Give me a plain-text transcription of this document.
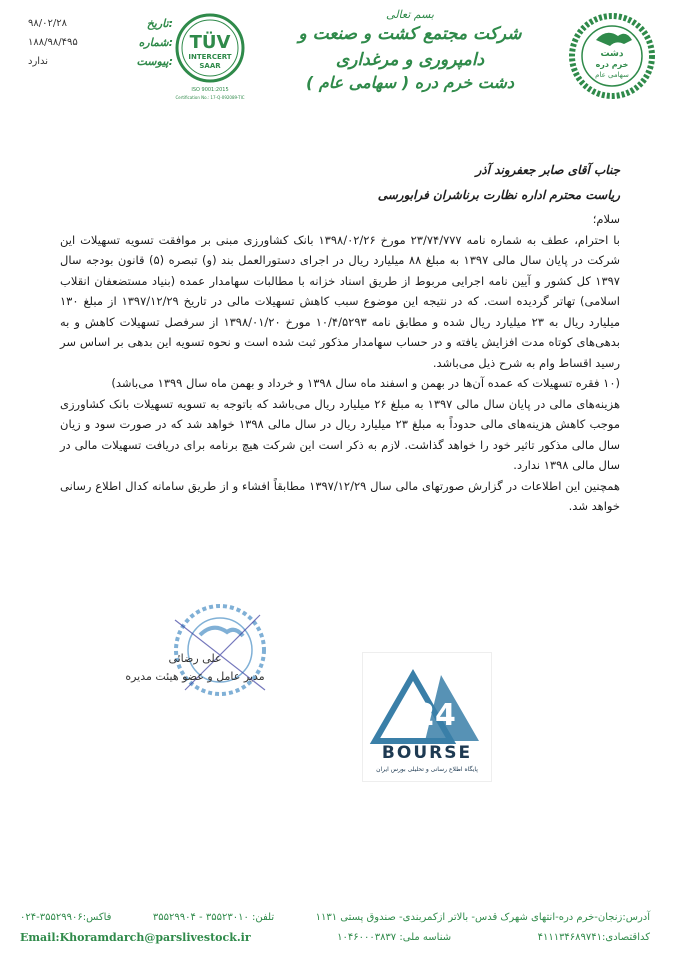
دشت
خرم دره
سهامی عام
بسم تعالی
شرکت مجتمع کشت و صنعت و دامپروری و مرغداری
دشت خرم دره ( سهامی عام )
TÜV
INTERCERT
SAAR
ISO 9001:2015
Certification No.: 17-Q-092089-TIC
۹۸/۰۲/۲۸	تاریخ:
۱۸۸/۹۸/۴۹۵	شماره:
ندارد	پیوست:

جناب آقای صابر جعفروند آذر

ریاست محترم اداره نظارت برناشران فرابورسی

سلام؛

با احترام، عطف به شماره نامه ۲۳/۷۴/۷۷۷ مورخ ۱۳۹۸/۰۲/۲۶ بانک کشاورزی مبنی بر موافقت تسویه تسهیلات این شرکت در پایان سال مالی ۱۳۹۷ به مبلغ ۸۸ میلیارد ریال در اجرای دستورالعمل بند (و) تبصره (۵) قانون بودجه سال ۱۳۹۷ کل کشور و آیین نامه اجرایی مربوط از طریق اسناد خزانه با مطالبات سهامدار عمده (بنیاد مستضعفان انقلاب اسلامی) تهاتر گردیده است. که در نتیجه این موضوع سبب کاهش تسهیلات مالی در تاریخ ۱۳۹۷/۱۲/۲۹ از مبلغ ۱۳۰ میلیارد ریال به ۲۳ میلیارد ریال شده و مطابق نامه ۱۰/۴/۵۲۹۳ مورخ ۱۳۹۸/۰۱/۲۰ از سرفصل تسهیلات کاهش و به بدهی‌های کوتاه مدت افزایش یافته و در حساب سهامدار مذکور ثبت شده است و نحوه تسویه این بدهی بر اساس سر رسید اقساط وام به شرح ذیل می‌باشد.

(۱۰ فقره تسهیلات که عمده آن‌ها در بهمن و اسفند ماه سال ۱۳۹۸ و خرداد و بهمن ماه سال ۱۳۹۹ می‌باشد)

هزینه‌های مالی در پایان سال مالی ۱۳۹۷ به مبلغ ۲۶ میلیارد ریال می‌باشد که باتوجه به تسویه تسهیلات بانک کشاورزی موجب کاهش هزینه‌های مالی حدوداً به مبلغ ۲۳ میلیارد ریال در سال مالی ۱۳۹۸ خواهد شد که در صورت سود و زیان سال مالی مذکور تاثیر خود را خواهد گذاشت. لازم به ذکر است این شرکت هیچ برنامه برای دریافت تسهیلات مالی در سال مالی ۱۳۹۸ ندارد.

همچنین این اطلاعات در گزارش صورتهای مالی سال ۱۳۹۷/۱۲/۲۹ مطابقاً افشاء و از طریق سامانه کدال اطلاع رسانی خواهد شد.

علی رضائی
مدیر عامل و عضو هیئت مدیره
24
BOURSE
پایگاه اطلاع رسانی و تحلیلی بورس ایران
آدرس:زنجان-خرم دره-انتهای شهرک قدس- بالاتر ازکمربندی- صندوق پستی ۱۱۳۱
تلفن: ۳۵۵۲۳۰۱۰ - ۳۵۵۲۹۹۰۴
فاکس:۳۵۵۲۹۹۰۶-۰۲۴
کداقتصادی:۴۱۱۱۳۴۶۸۹۷۴۱
شناسه ملی: ۱۰۴۶۰۰۰۳۸۳۷
Email:Khoramdarch@parslivestock.ir
